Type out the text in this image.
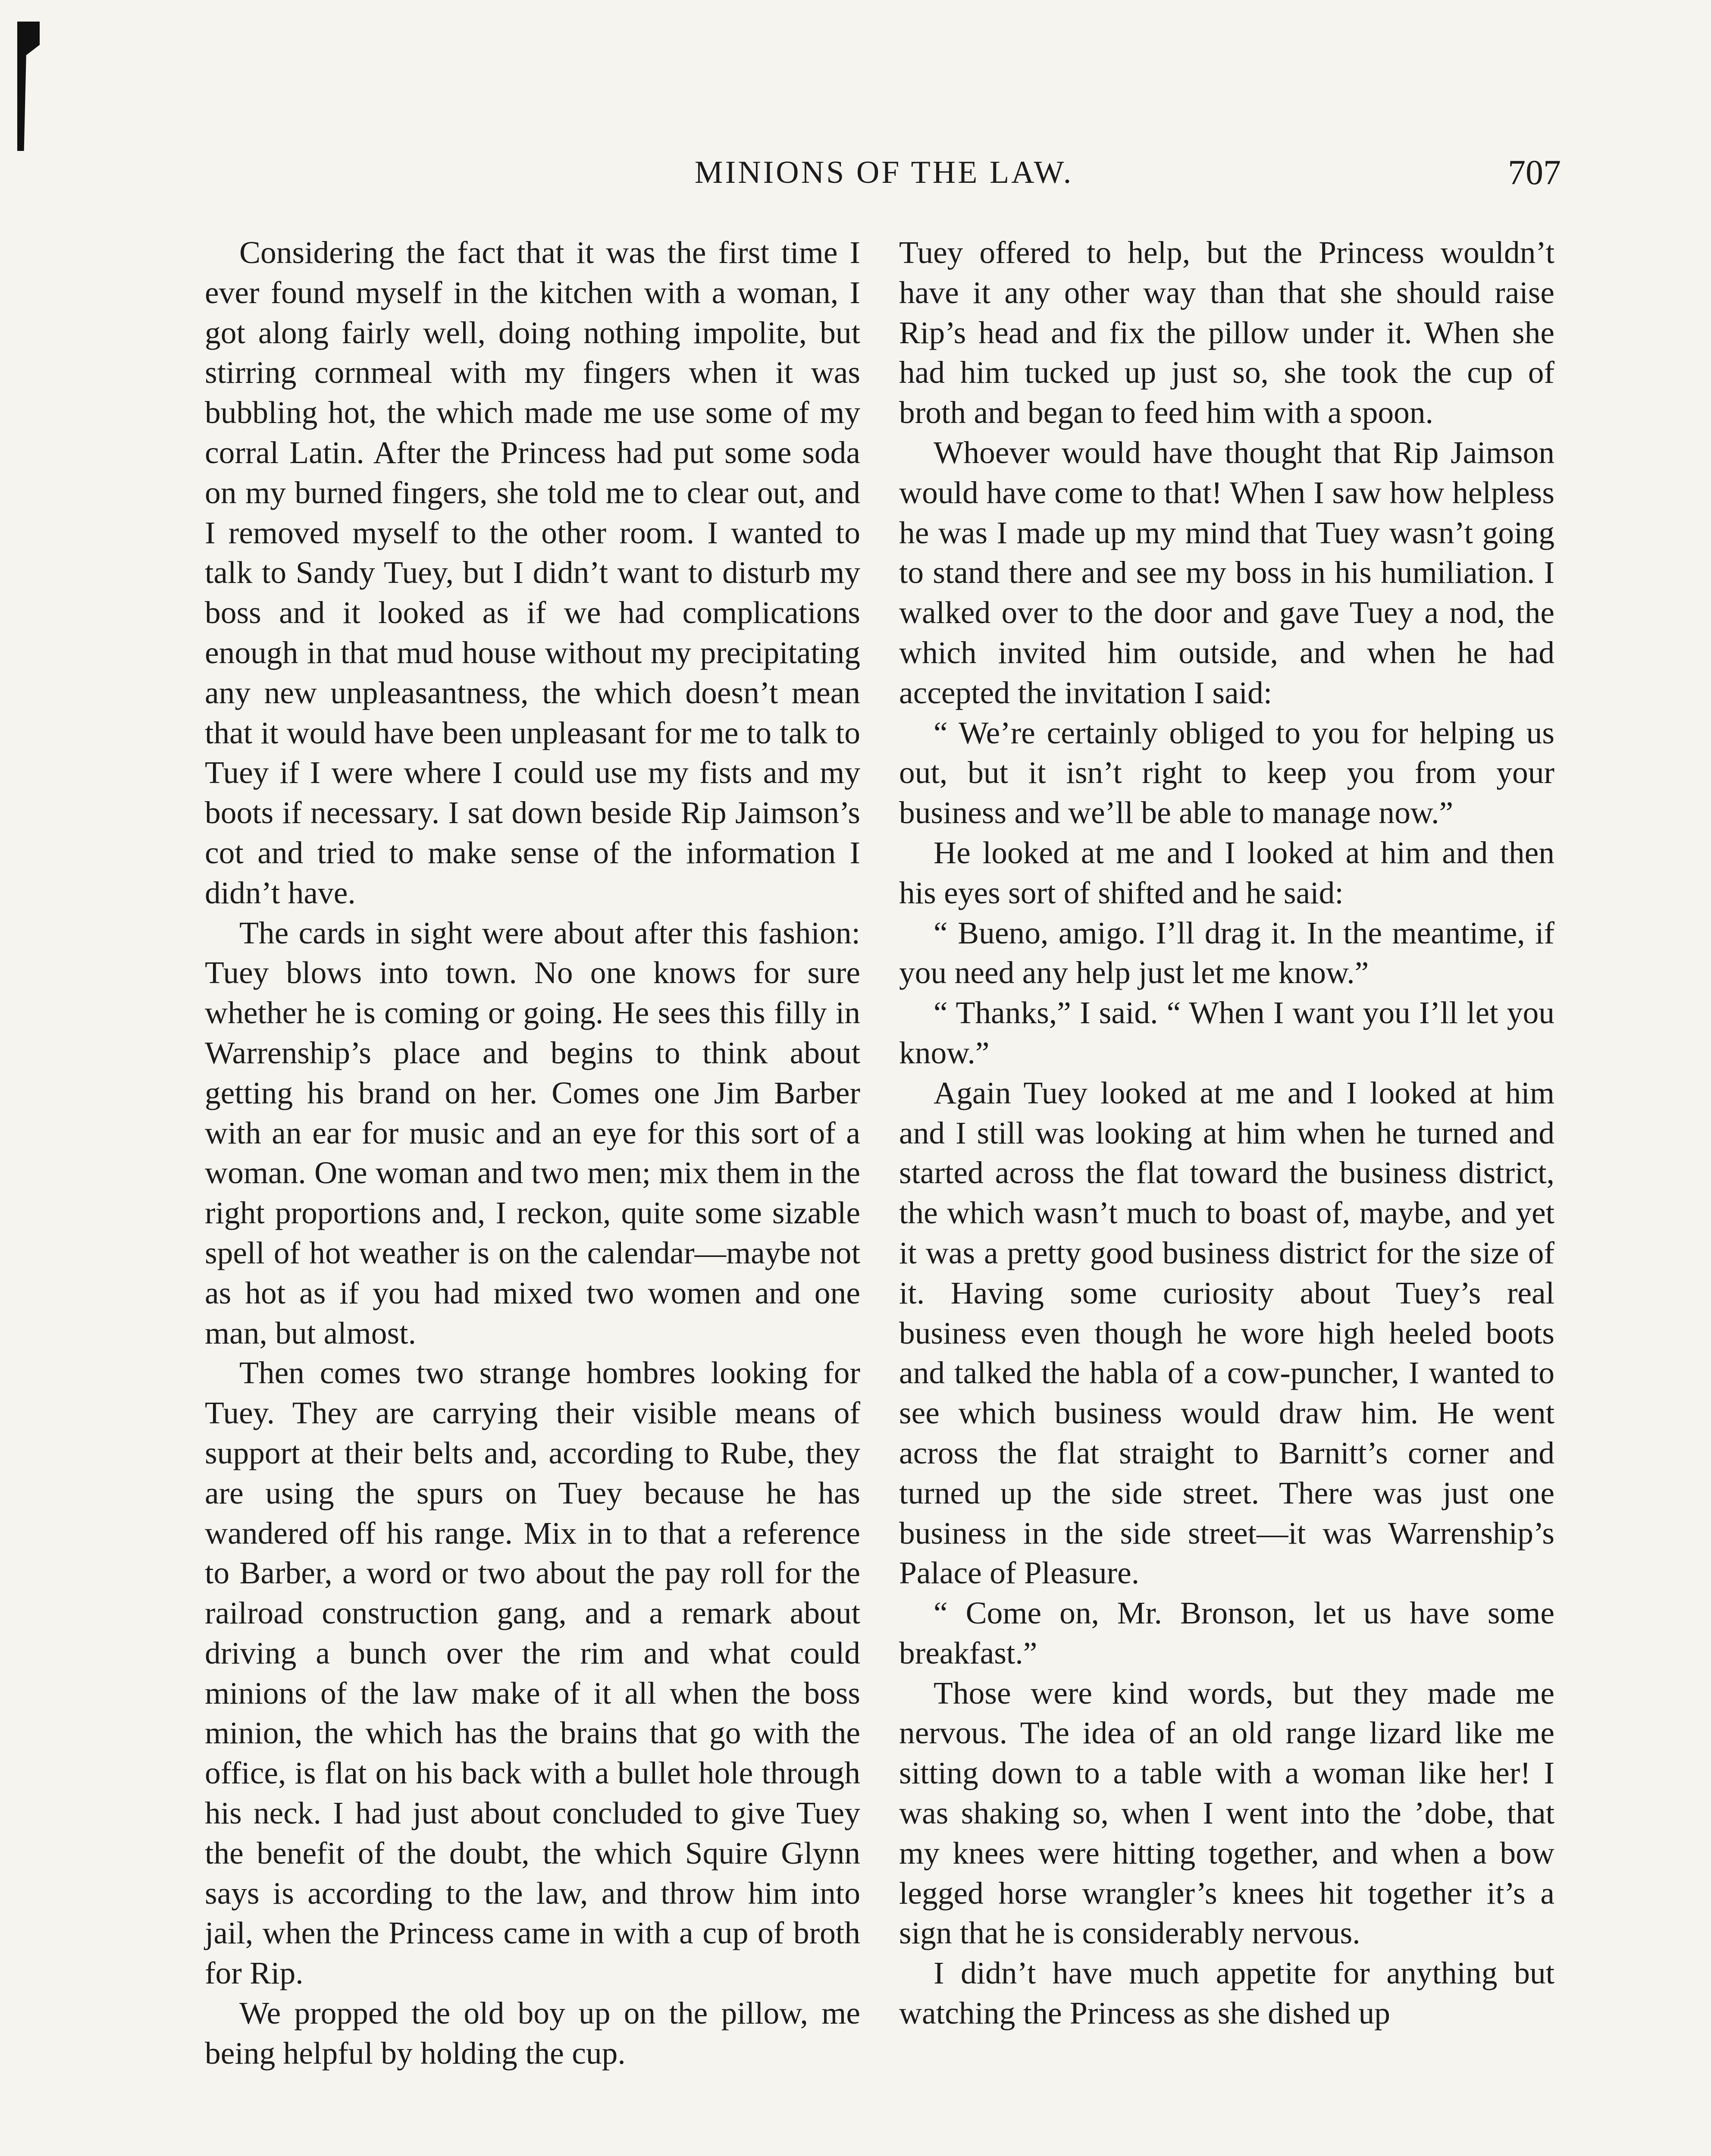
MINIONS OF THE LAW.	707

Considering the fact that it was the first time I ever found myself in the kitchen with a woman, I got along fairly well, doing nothing impolite, but stirring cornmeal with my fingers when it was bubbling hot, the which made me use some of my corral Latin. After the Princess had put some soda on my burned fingers, she told me to clear out, and I removed myself to the other room. I wanted to talk to Sandy Tuey, but I didn’t want to disturb my boss and it looked as if we had complications enough in that mud house without my precipitating any new unpleasantness, the which doesn’t mean that it would have been unpleasant for me to talk to Tuey if I were where I could use my fists and my boots if necessary. I sat down beside Rip Jaimson’s cot and tried to make sense of the information I didn’t have.

The cards in sight were about after this fashion: Tuey blows into town. No one knows for sure whether he is coming or going. He sees this filly in Warrenship’s place and begins to think about getting his brand on her. Comes one Jim Barber with an ear for music and an eye for this sort of a woman. One woman and two men; mix them in the right proportions and, I reckon, quite some sizable spell of hot weather is on the calendar—maybe not as hot as if you had mixed two women and one man, but almost.

Then comes two strange hombres looking for Tuey. They are carrying their visible means of support at their belts and, according to Rube, they are using the spurs on Tuey because he has wandered off his range. Mix in to that a reference to Barber, a word or two about the pay roll for the railroad construction gang, and a remark about driving a bunch over the rim and what could minions of the law make of it all when the boss minion, the which has the brains that go with the office, is flat on his back with a bullet hole through his neck. I had just about concluded to give Tuey the benefit of the doubt, the which Squire Glynn says is according to the law, and throw him into jail, when the Princess came in with a cup of broth for Rip.

We propped the old boy up on the pillow, me being helpful by holding the cup.

Tuey offered to help, but the Princess wouldn’t have it any other way than that she should raise Rip’s head and fix the pillow under it. When she had him tucked up just so, she took the cup of broth and began to feed him with a spoon.

Whoever would have thought that Rip Jaimson would have come to that! When I saw how helpless he was I made up my mind that Tuey wasn’t going to stand there and see my boss in his humiliation. I walked over to the door and gave Tuey a nod, the which invited him outside, and when he had accepted the invitation I said:

“ We’re certainly obliged to you for helping us out, but it isn’t right to keep you from your business and we’ll be able to manage now.”

He looked at me and I looked at him and then his eyes sort of shifted and he said:

“ Bueno, amigo. I’ll drag it. In the meantime, if you need any help just let me know.”

“ Thanks,” I said. “ When I want you I’ll let you know.”

Again Tuey looked at me and I looked at him and I still was looking at him when he turned and started across the flat toward the business district, the which wasn’t much to boast of, maybe, and yet it was a pretty good business district for the size of it. Having some curiosity about Tuey’s real business even though he wore high heeled boots and talked the habla of a cow-puncher, I wanted to see which business would draw him. He went across the flat straight to Barnitt’s corner and turned up the side street. There was just one business in the side street—it was Warrenship’s Palace of Pleasure.

“ Come on, Mr. Bronson, let us have some breakfast.”

Those were kind words, but they made me nervous. The idea of an old range lizard like me sitting down to a table with a woman like her! I was shaking so, when I went into the ’dobe, that my knees were hitting together, and when a bow legged horse wrangler’s knees hit together it’s a sign that he is considerably nervous.

I didn’t have much appetite for anything but watching the Princess as she dished up
